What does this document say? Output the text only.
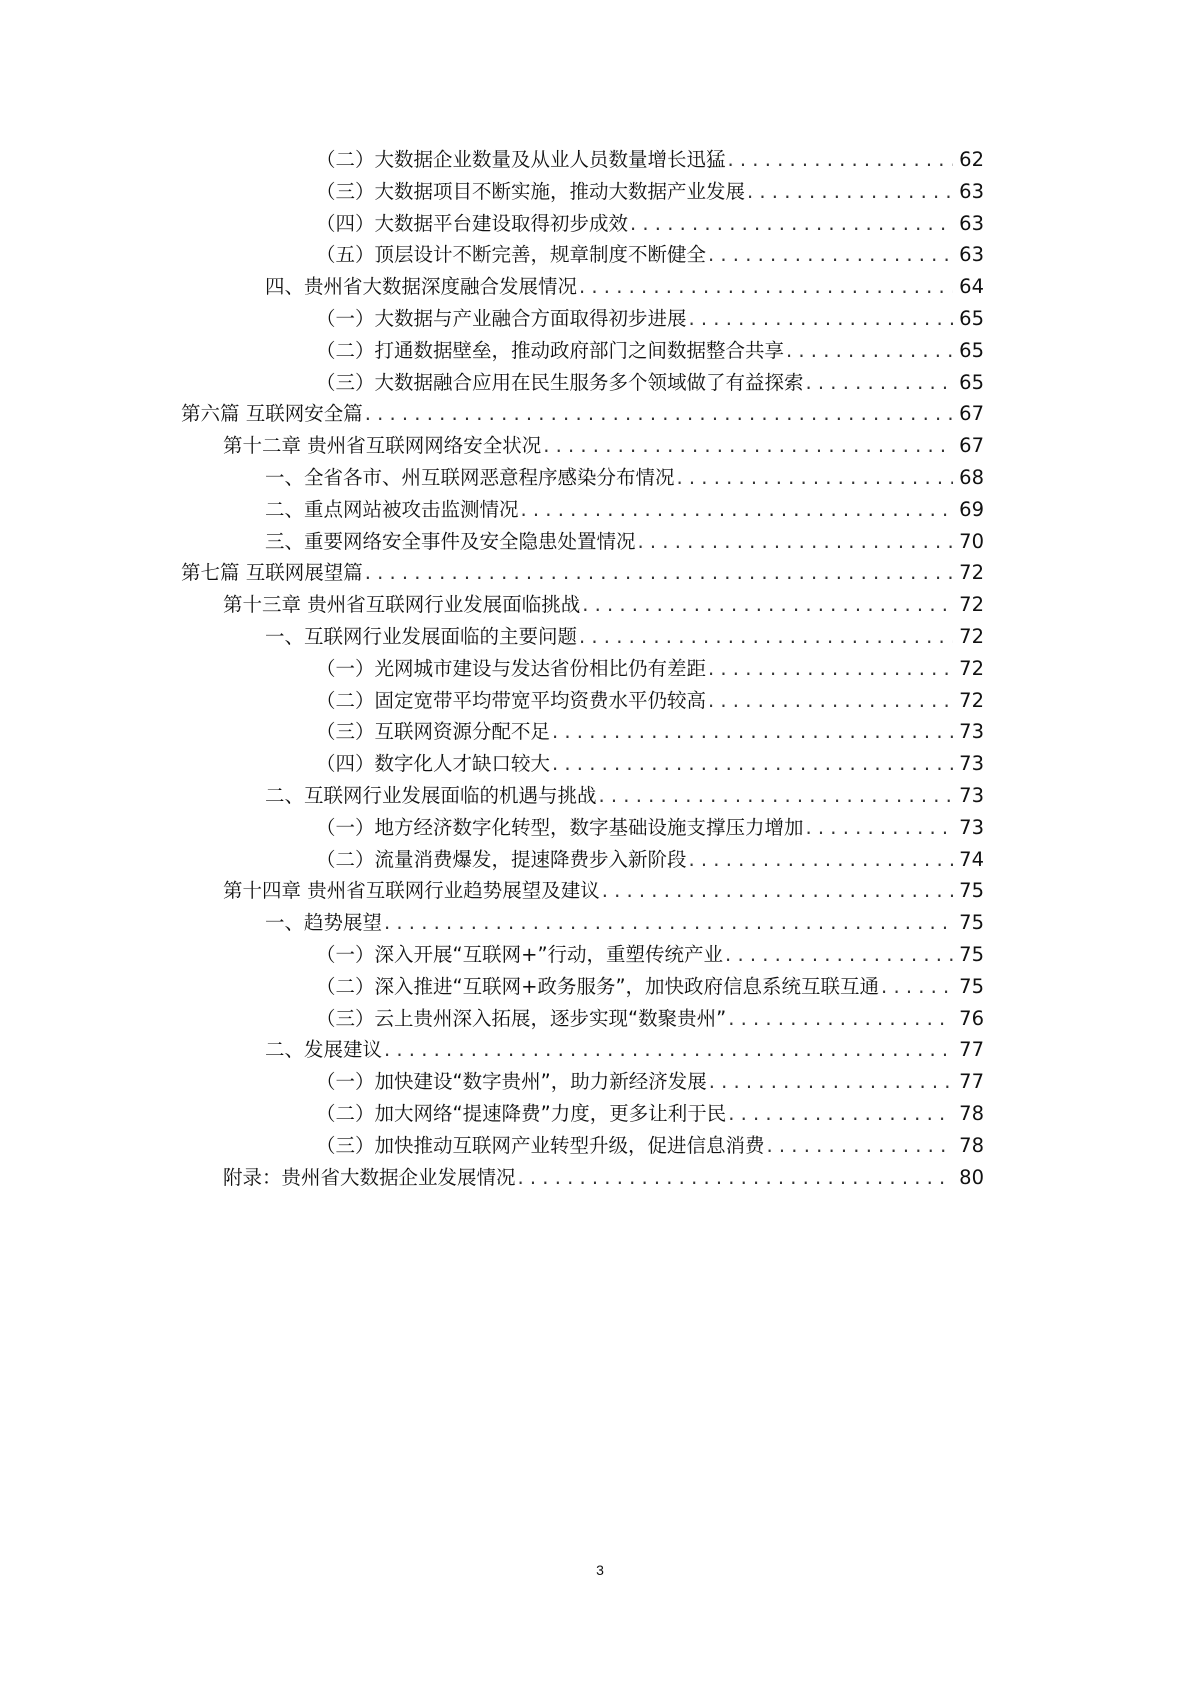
（二）大数据企业数量及从业人员数量增长迅猛 . . .	62
（三）大数据项目不断实施，推动大数据产业发展 . . .	63
（四）大数据平台建设取得初步成效 . . .	63
（五）顶层设计不断完善，规章制度不断健全 . . .	63
四、贵州省大数据深度融合发展情况 . . .	64
（一）大数据与产业融合方面取得初步进展 . . .	65
（二）打通数据壁垒，推动政府部门之间数据整合共享 . . .	65
（三）大数据融合应用在民生服务多个领域做了有益探索 . . .	65
第六篇 互联网安全篇 . . .	67
第十二章 贵州省互联网网络安全状况 . . .	67
一、全省各市、州互联网恶意程序感染分布情况 . . .	68
二、重点网站被攻击监测情况 . . .	69
三、重要网络安全事件及安全隐患处置情况 . . .	70
第七篇 互联网展望篇 . . .	72
第十三章 贵州省互联网行业发展面临挑战 . . .	72
一、互联网行业发展面临的主要问题 . . .	72
（一）光网城市建设与发达省份相比仍有差距 . . .	72
（二）固定宽带平均带宽平均资费水平仍较高 . . .	72
（三）互联网资源分配不足 . . .	73
（四）数字化人才缺口较大 . . .	73
二、互联网行业发展面临的机遇与挑战 . . .	73
（一）地方经济数字化转型，数字基础设施支撑压力增加 . . .	73
（二）流量消费爆发，提速降费步入新阶段 . . .	74
第十四章 贵州省互联网行业趋势展望及建议 . . .	75
一、趋势展望 . . .	75
（一）深入开展“互联网+”行动，重塑传统产业 . . .	75
（二）深入推进“互联网+政务服务”，加快政府信息系统互联互通 . . .	75
（三）云上贵州深入拓展，逐步实现“数聚贵州” . . .	76
二、发展建议 . . .	77
（一）加快建设“数字贵州”，助力新经济发展 . . .	77
（二）加大网络“提速降费”力度，更多让利于民 . . .	78
（三）加快推动互联网产业转型升级，促进信息消费 . . .	78
附录：贵州省大数据企业发展情况 . . .	80
3
